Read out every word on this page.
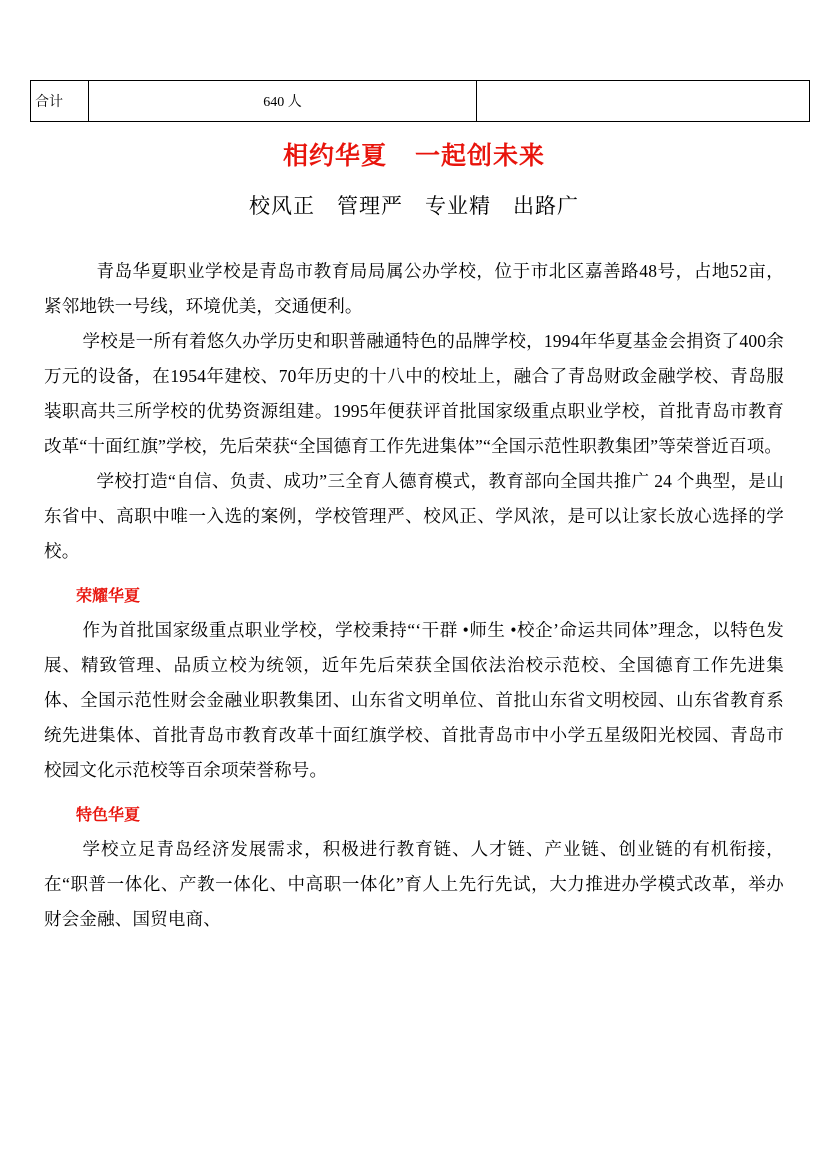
合计	640 人	
相约华夏 一起创未来
校风正 管理严 专业精 出路广

青岛华夏职业学校是青岛市教育局局属公办学校，位于市北区嘉善路48号，占地52亩，紧邻地铁一号线，环境优美，交通便利。

学校是一所有着悠久办学历史和职普融通特色的品牌学校，1994年华夏基金会捐资了400余万元的设备，在1954年建校、70年历史的十八中的校址上，融合了青岛财政金融学校、青岛服装职高共三所学校的优势资源组建。1995年便获评首批国家级重点职业学校，首批青岛市教育改革“十面红旗”学校，先后荣获“全国德育工作先进集体”“全国示范性职教集团”等荣誉近百项。

学校打造“自信、负责、成功”三全育人德育模式，教育部向全国共推广 24 个典型，是山东省中、高职中唯一入选的案例，学校管理严、校风正、学风浓，是可以让家长放心选择的学校。

荣耀华夏

作为首批国家级重点职业学校，学校秉持“‘干群 •师生 •校企’命运共同体”理念，以特色发展、精致管理、品质立校为统领，近年先后荣获全国依法治校示范校、全国德育工作先进集体、全国示范性财会金融业职教集团、山东省文明单位、首批山东省文明校园、山东省教育系统先进集体、首批青岛市教育改革十面红旗学校、首批青岛市中小学五星级阳光校园、青岛市校园文化示范校等百余项荣誉称号。

特色华夏

学校立足青岛经济发展需求，积极进行教育链、人才链、产业链、创业链的有机衔接，在“职普一体化、产教一体化、中高职一体化”育人上先行先试，大力推进办学模式改革，举办财会金融、国贸电商、
